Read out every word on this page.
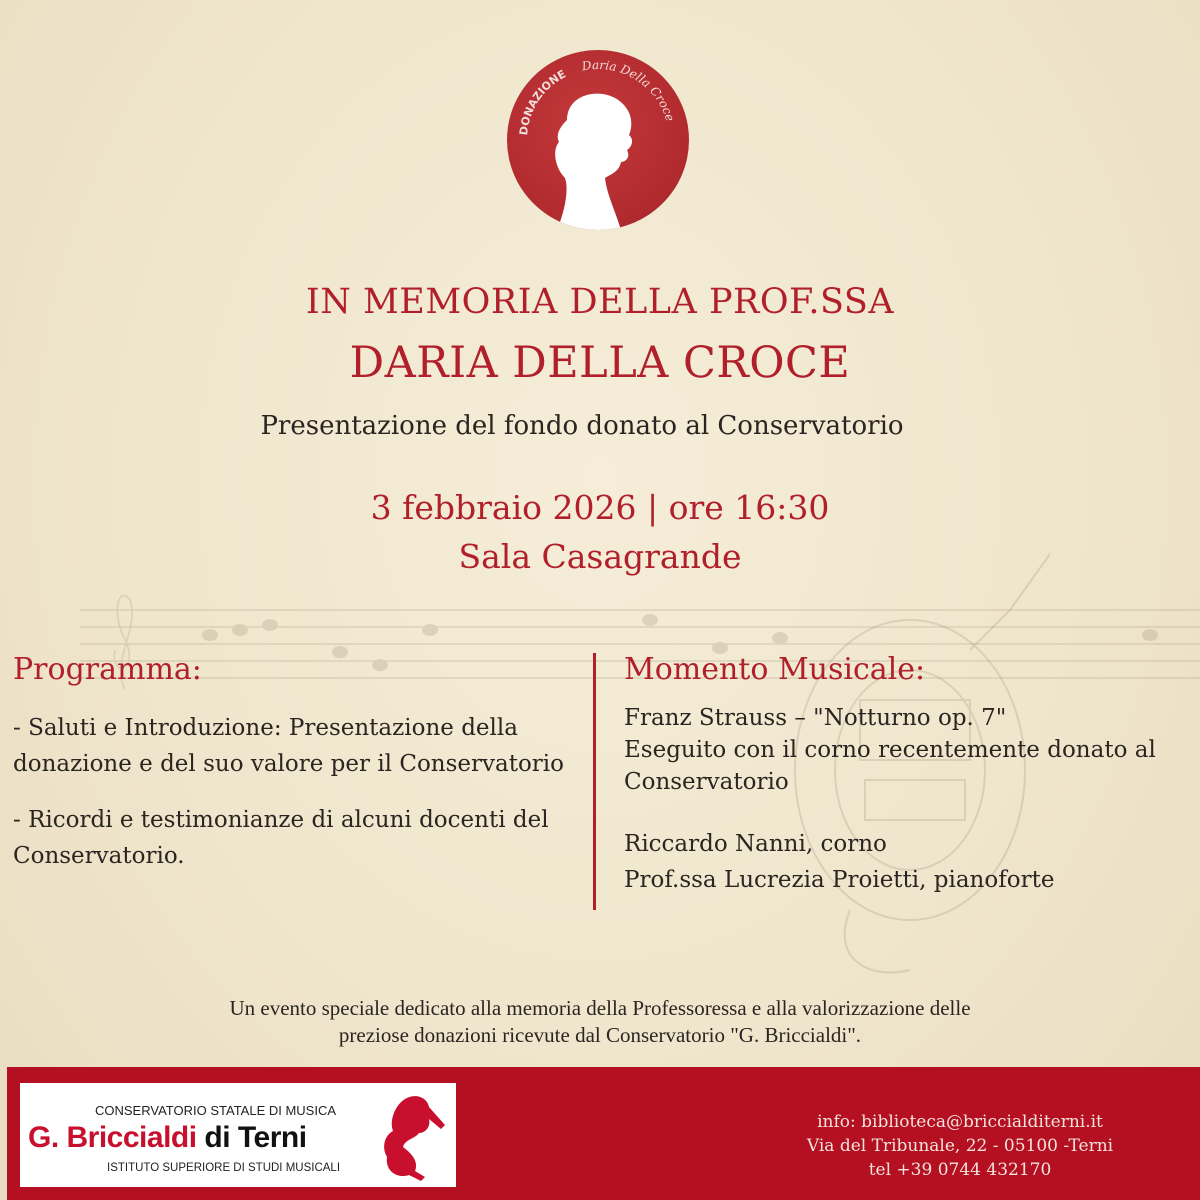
DONAZIONE
Daria Della Croce
IN MEMORIA DELLA PROF.SSA
DARIA DELLA CROCE
Presentazione del fondo donato al Conservatorio
3 febbraio 2026 | ore 16:30
Sala Casagrande
Programma:
- Saluti e Introduzione: Presentazione della donazione e del suo valore per il Conservatorio
- Ricordi e testimonianze di alcuni docenti del Conservatorio.
Momento Musicale:
Franz Strauss – "Notturno op. 7"
Eseguito con il corno recentemente donato al Conservatorio
Riccardo Nanni, corno
Prof.ssa Lucrezia Proietti, pianoforte
Un evento speciale dedicato alla memoria della Professoressa e alla valorizzazione delle
preziose donazioni ricevute dal Conservatorio "G. Briccialdi".
CONSERVATORIO STATALE DI MUSICA
G. Briccialdi di Terni
ISTITUTO SUPERIORE DI STUDI MUSICALI
info: biblioteca@briccialditerni.it
Via del Tribunale, 22 - 05100 -Terni
tel +39 0744 432170
